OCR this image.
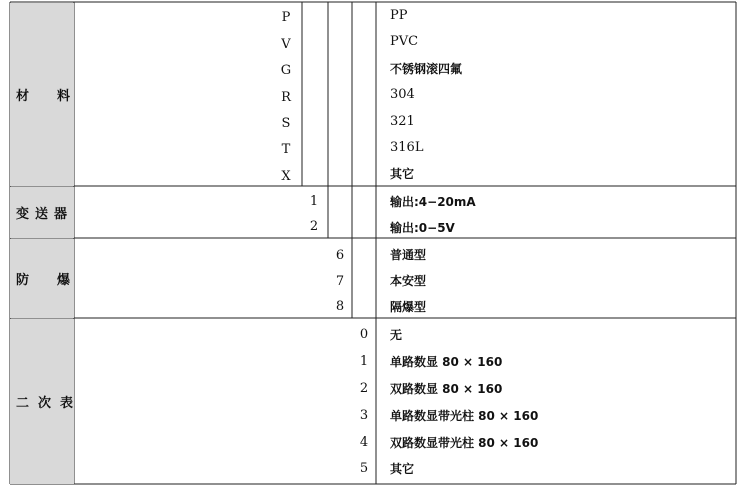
材 料
P
V
G
R
S
T
X
PP
PVC
不锈钢滚四氟
304
321
316L
其它
变 送 器
1
2
输出:4−20mA
输出:0−5V
防 爆
6
7
8
普通型
本安型
隔爆型
二 次 表
0
1
2
3
4
5
无
单路数显 80 × 160
双路数显 80 × 160
单路数显带光柱 80 × 160
双路数显带光柱 80 × 160
其它
